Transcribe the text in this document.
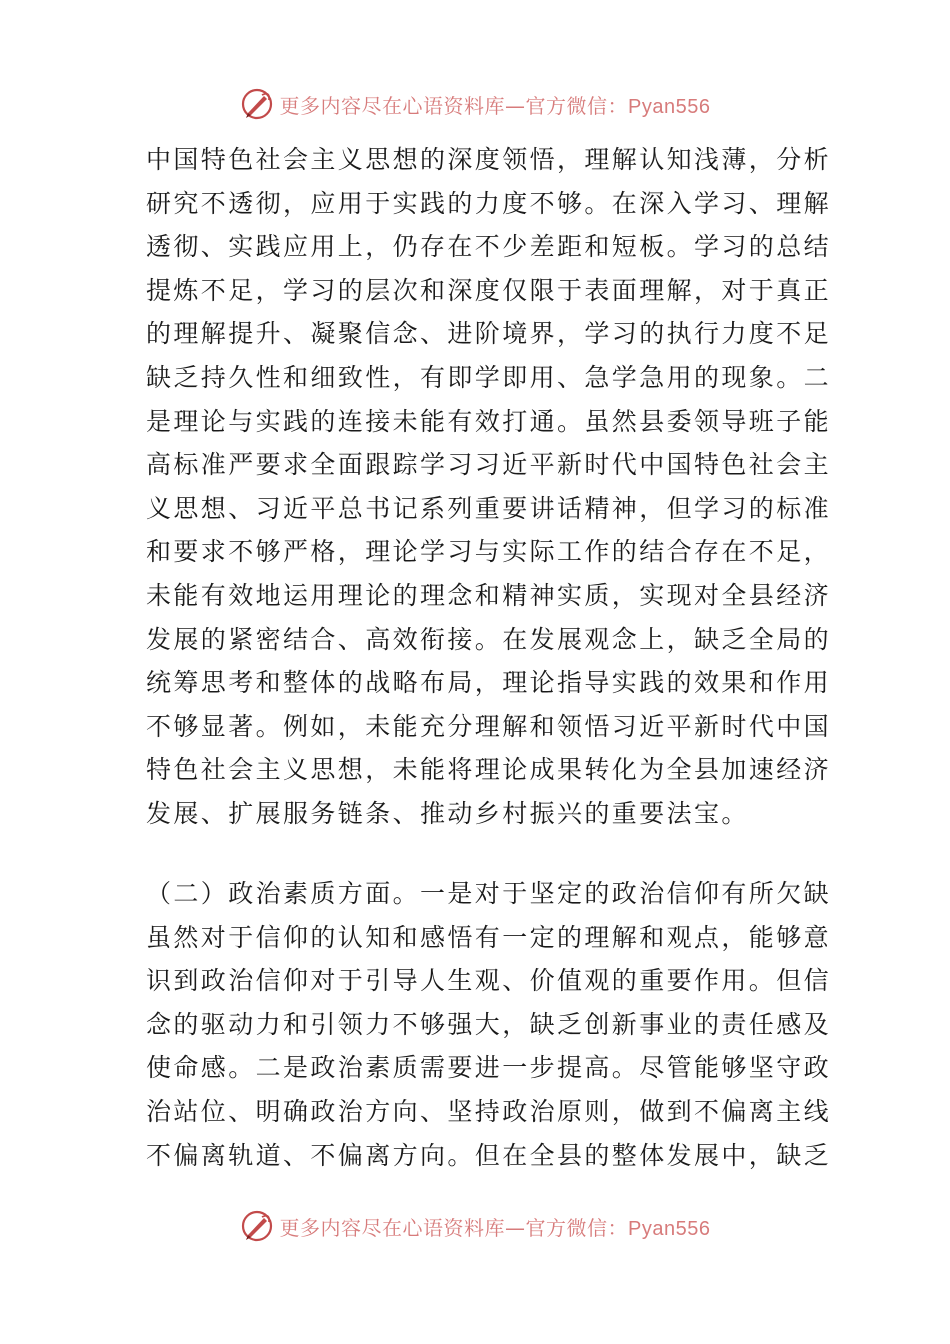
更多内容尽在心语资料库—官方微信：Pyan556
中国特色社会主义思想的深度领悟，理解认知浅薄，分析
研究不透彻，应用于实践的力度不够。在深入学习、理解
透彻、实践应用上，仍存在不少差距和短板。学习的总结
提炼不足，学习的层次和深度仅限于表面理解，对于真正
的理解提升、凝聚信念、进阶境界，学习的执行力度不足
缺乏持久性和细致性，有即学即用、急学急用的现象。二
是理论与实践的连接未能有效打通。虽然县委领导班子能
高标准严要求全面跟踪学习习近平新时代中国特色社会主
义思想、习近平总书记系列重要讲话精神，但学习的标准
和要求不够严格，理论学习与实际工作的结合存在不足，
未能有效地运用理论的理念和精神实质，实现对全县经济
发展的紧密结合、高效衔接。在发展观念上，缺乏全局的
统筹思考和整体的战略布局，理论指导实践的效果和作用
不够显著。例如，未能充分理解和领悟习近平新时代中国
特色社会主义思想，未能将理论成果转化为全县加速经济
发展、扩展服务链条、推动乡村振兴的重要法宝。
（二）政治素质方面。一是对于坚定的政治信仰有所欠缺
虽然对于信仰的认知和感悟有一定的理解和观点，能够意
识到政治信仰对于引导人生观、价值观的重要作用。但信
念的驱动力和引领力不够强大，缺乏创新事业的责任感及
使命感。二是政治素质需要进一步提高。尽管能够坚守政
治站位、明确政治方向、坚持政治原则，做到不偏离主线
不偏离轨道、不偏离方向。但在全县的整体发展中，缺乏
更多内容尽在心语资料库—官方微信：Pyan556
